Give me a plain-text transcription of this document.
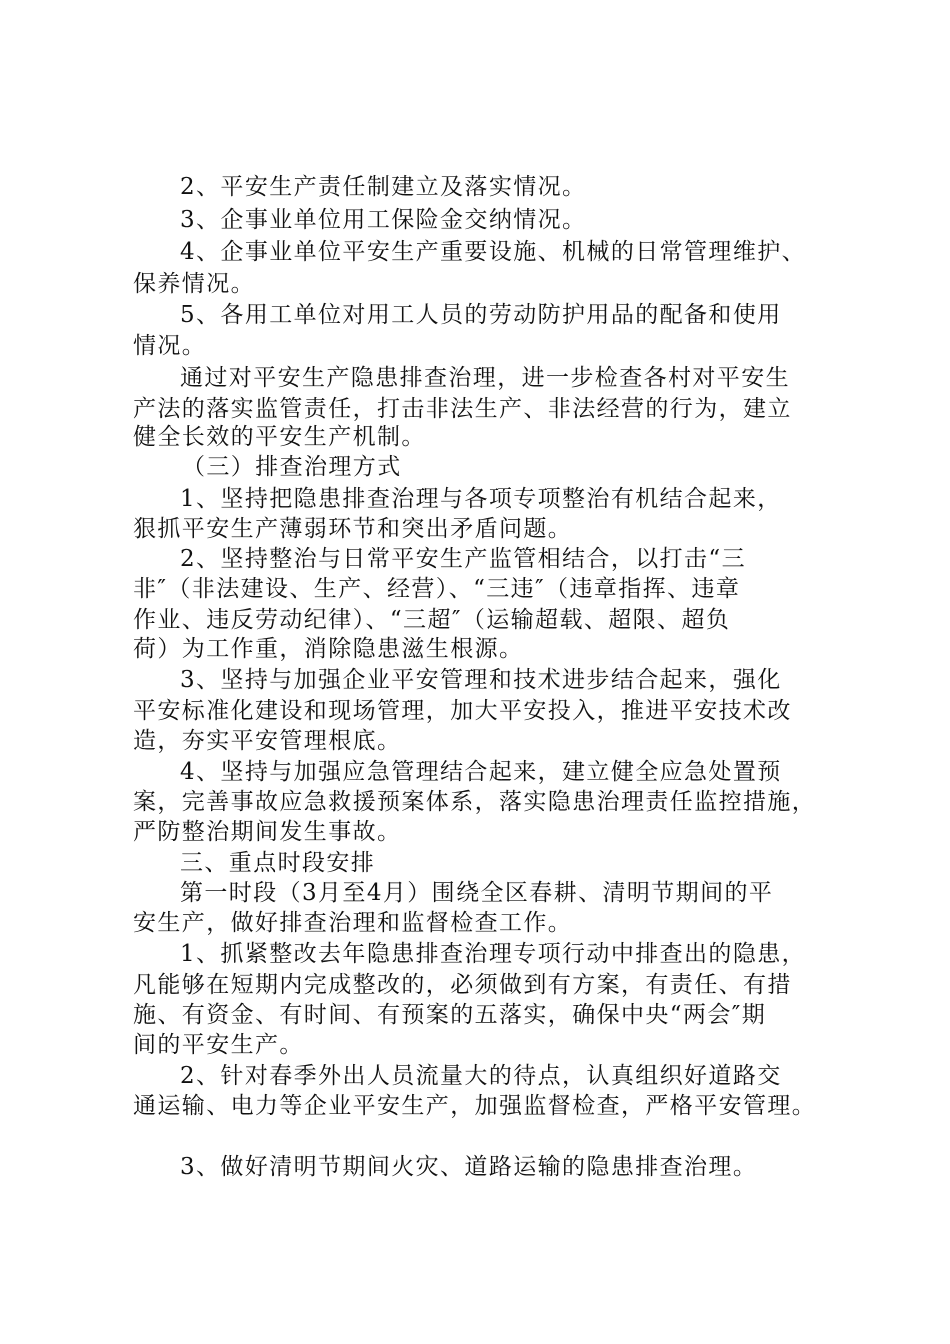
2、平安生产责任制建立及落实情况。
3、企事业单位用工保险金交纳情况。
4、企事业单位平安生产重要设施、机械的日常管理维护、
保养情况。
5、各用工单位对用工人员的劳动防护用品的配备和使用
情况。
通过对平安生产隐患排查治理，进一步检查各村对平安生
产法的落实监管责任，打击非法生产、非法经营的行为，建立
健全长效的平安生产机制。
（三）排查治理方式
1、坚持把隐患排查治理与各项专项整治有机结合起来，
狠抓平安生产薄弱环节和突出矛盾问题。
2、坚持整治与日常平安生产监管相结合，以打击“三
非″（非法建设、生产、经营）、“三违″（违章指挥、违章
作业、违反劳动纪律）、“三超″（运输超载、超限、超负
荷）为工作重，消除隐患滋生根源。
3、坚持与加强企业平安管理和技术进步结合起来，强化
平安标准化建设和现场管理，加大平安投入，推进平安技术改
造，夯实平安管理根底。
4、坚持与加强应急管理结合起来，建立健全应急处置预
案，完善事故应急救援预案体系，落实隐患治理责任监控措施，
严防整治期间发生事故。
三、重点时段安排
第一时段（3月至4月）围绕全区春耕、清明节期间的平
安生产，做好排查治理和监督检查工作。
1、抓紧整改去年隐患排查治理专项行动中排查出的隐患，
凡能够在短期内完成整改的，必须做到有方案，有责任、有措
施、有资金、有时间、有预案的五落实，确保中央“两会″期
间的平安生产。
2、针对春季外出人员流量大的待点，认真组织好道路交
通运输、电力等企业平安生产，加强监督检查，严格平安管理。
3、做好清明节期间火灾、道路运输的隐患排查治理。
